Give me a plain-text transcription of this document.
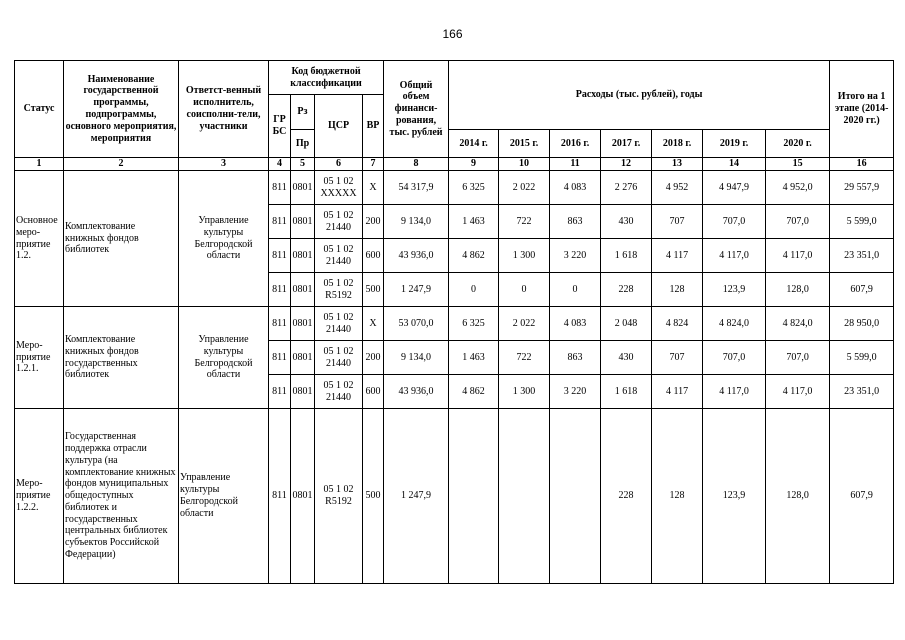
166
Статус	Наименование государственной программы, подпрограммы, основного мероприятия, мероприятия	Ответст-венный исполнитель, соисполни-тели, участники	Код бюджетной классификации				Общий объем финанси-рования, тыс. рублей	Расходы (тыс. рублей), годы							Итого на 1 этапе (2014-2020 гг.)
			ГР БС	Рз	ЦСР	ВР									
				Пр				2014 г.	2015 г.	2016 г.	2017 г.	2018 г.	2019 г.	2020 г.	
1	2	3	4	5	6	7	8	9	10	11	12	13	14	15	16
Основное меро-приятие 1.2.	Комплектование книжных фондов библиотек	Управление культуры Белгородской области	811	0801	05 1 02 XXXXX	X	54 317,9	6 325	2 022	4 083	2 276	4 952	4 947,9	4 952,0	29 557,9
			811	0801	05 1 02 21440	200	9 134,0	1 463	722	863	430	707	707,0	707,0	5 599,0
			811	0801	05 1 02 21440	600	43 936,0	4 862	1 300	3 220	1 618	4 117	4 117,0	4 117,0	23 351,0
			811	0801	05 1 02 R5192	500	1 247,9	0	0	0	228	128	123,9	128,0	607,9
Меро-приятие 1.2.1.	Комплектование книжных фондов государственных библиотек	Управление культуры Белгородской области	811	0801	05 1 02 21440	X	53 070,0	6 325	2 022	4 083	2 048	4 824	4 824,0	4 824,0	28 950,0
			811	0801	05 1 02 21440	200	9 134,0	1 463	722	863	430	707	707,0	707,0	5 599,0
			811	0801	05 1 02 21440	600	43 936,0	4 862	1 300	3 220	1 618	4 117	4 117,0	4 117,0	23 351,0
Меро-приятие 1.2.2.	Государственная поддержка отрасли культура (на комплектование книжных фондов муниципальных общедоступных библиотек и государственных центральных библиотек субъектов Российской Федерации)	Управление культуры Белгородской области	811	0801	05 1 02 R5192	500	1 247,9				228	128	123,9	128,0	607,9
